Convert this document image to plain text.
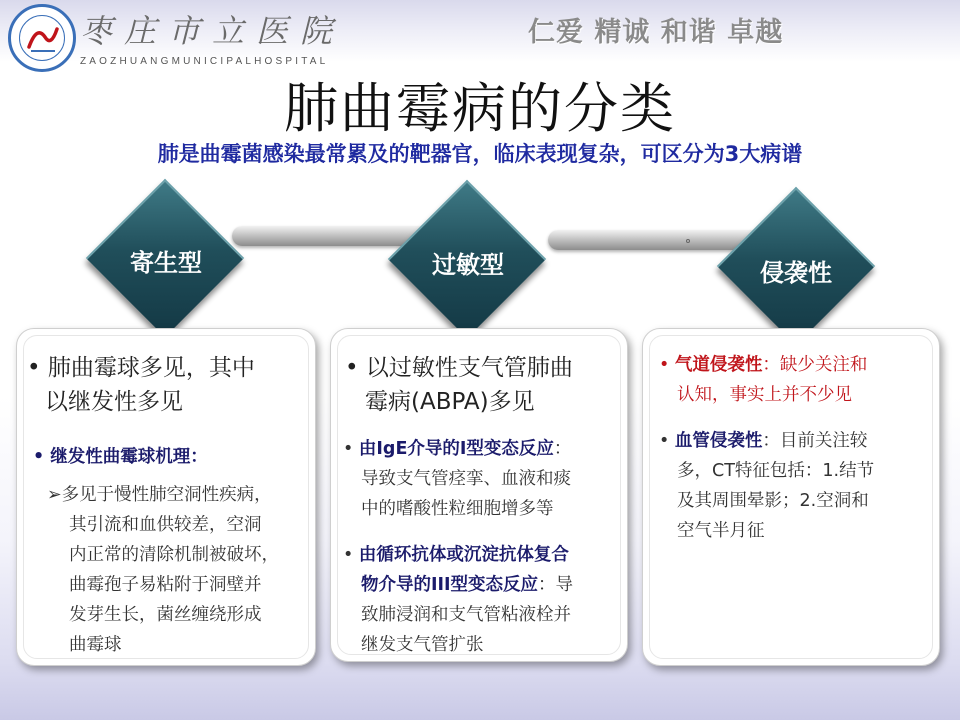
枣庄市立医院
ZAOZHUANGMUNICIPALHOSPITAL
仁爱 精诚 和谐 卓越
肺曲霉病的分类
肺是曲霉菌感染最常累及的靶器官，临床表现复杂，可区分为3大病谱
寄生型	过敏型	侵袭性
• 肺曲霉球多见，其中
以继发性多见
• 继发性曲霉球机理：
➢多见于慢性肺空洞性疾病，
其引流和血供较差，空洞
内正常的清除机制被破坏，
曲霉孢子易粘附于洞壁并
发芽生长，菌丝缠绕形成
曲霉球
• 以过敏性支气管肺曲
霉病(ABPA)多见
• 由IgE介导的I型变态反应：
导致支气管痉挛、血液和痰
中的嗜酸性粒细胞增多等
• 由循环抗体或沉淀抗体复合
物介导的III型变态反应：导
致肺浸润和支气管粘液栓并
继发支气管扩张
• 气道侵袭性：缺少关注和
认知，事实上并不少见
• 血管侵袭性：目前关注较
多，CT特征包括：1.结节
及其周围晕影；2.空洞和
空气半月征
